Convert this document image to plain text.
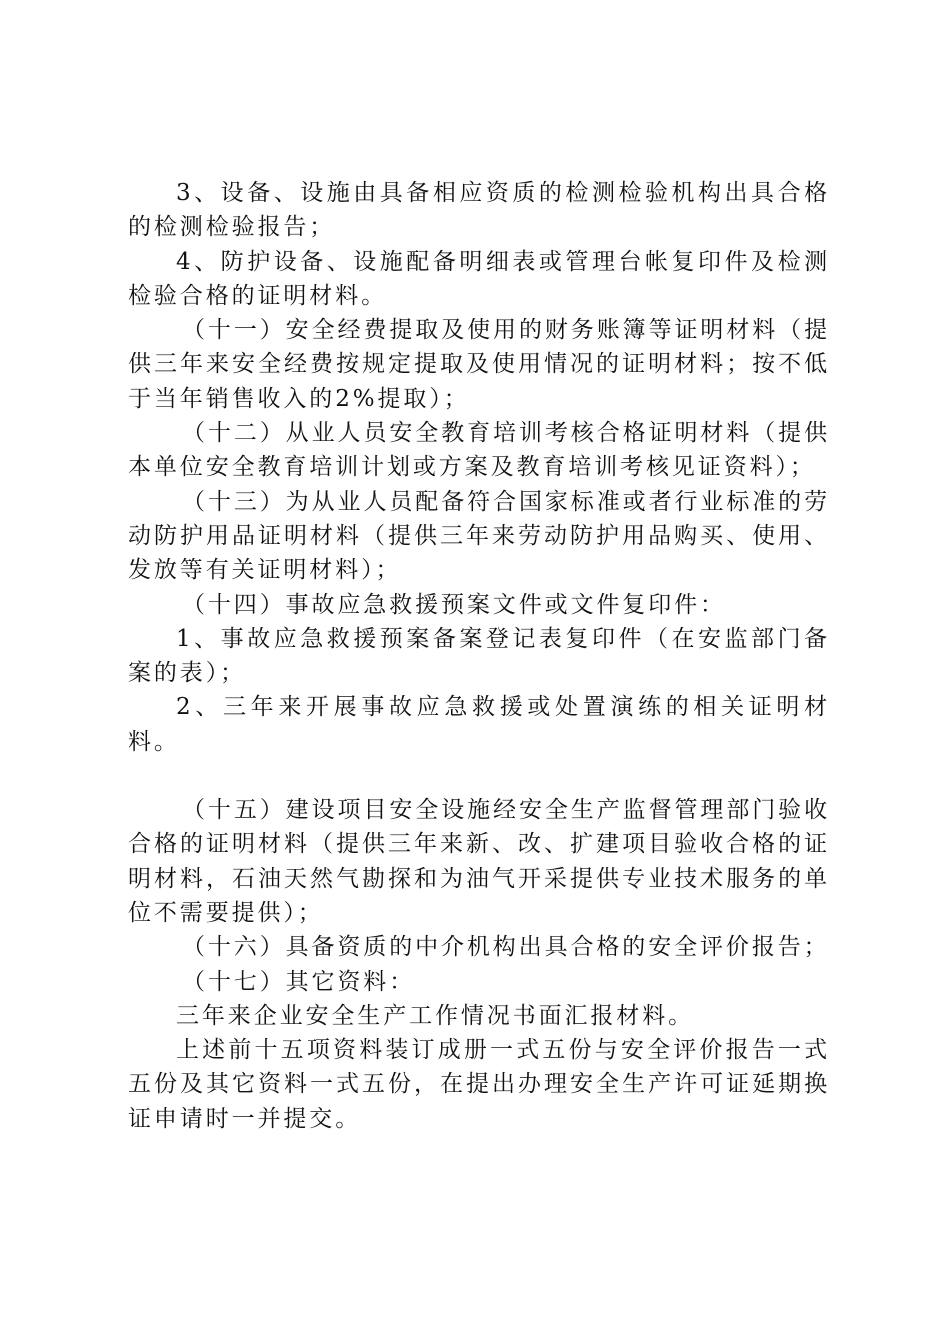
3、设备、设施由具备相应资质的检测检验机构出具合格的检测检验报告；

4、防护设备、设施配备明细表或管理台帐复印件及检测检验合格的证明材料。

（十一）安全经费提取及使用的财务账簿等证明材料（提供三年来安全经费按规定提取及使用情况的证明材料；按不低于当年销售收入的2%提取）；

（十二）从业人员安全教育培训考核合格证明材料（提供本单位安全教育培训计划或方案及教育培训考核见证资料）；

（十三）为从业人员配备符合国家标准或者行业标准的劳动防护用品证明材料（提供三年来劳动防护用品购买、使用、发放等有关证明材料）；

（十四）事故应急救援预案文件或文件复印件：

1、事故应急救援预案备案登记表复印件（在安监部门备案的表）；

2、三年来开展事故应急救援或处置演练的相关证明材料。

（十五）建设项目安全设施经安全生产监督管理部门验收合格的证明材料（提供三年来新、改、扩建项目验收合格的证明材料，石油天然气勘探和为油气开采提供专业技术服务的单位不需要提供）；

（十六）具备资质的中介机构出具合格的安全评价报告；

（十七）其它资料：

三年来企业安全生产工作情况书面汇报材料。

上述前十五项资料装订成册一式五份与安全评价报告一式五份及其它资料一式五份，在提出办理安全生产许可证延期换证申请时一并提交。
